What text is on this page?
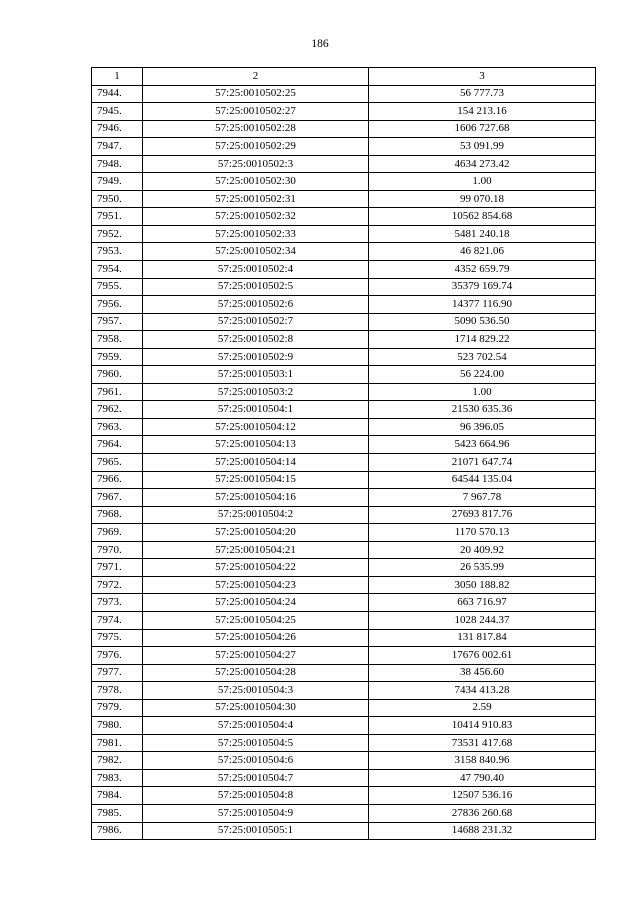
186
1	2	3
7944.	57:25:0010502:25	56 777.73
7945.	57:25:0010502:27	154 213.16
7946.	57:25:0010502:28	1606 727.68
7947.	57:25:0010502:29	53 091.99
7948.	57:25:0010502:3	4634 273.42
7949.	57:25:0010502:30	1.00
7950.	57:25:0010502:31	99 070.18
7951.	57:25:0010502:32	10562 854.68
7952.	57:25:0010502:33	5481 240.18
7953.	57:25:0010502:34	46 821.06
7954.	57:25:0010502:4	4352 659.79
7955.	57:25:0010502:5	35379 169.74
7956.	57:25:0010502:6	14377 116.90
7957.	57:25:0010502:7	5090 536.50
7958.	57:25:0010502:8	1714 829.22
7959.	57:25:0010502:9	523 702.54
7960.	57:25:0010503:1	56 224.00
7961.	57:25:0010503:2	1.00
7962.	57:25:0010504:1	21530 635.36
7963.	57:25:0010504:12	96 396.05
7964.	57:25:0010504:13	5423 664.96
7965.	57:25:0010504:14	21071 647.74
7966.	57:25:0010504:15	64544 135.04
7967.	57:25:0010504:16	7 967.78
7968.	57:25:0010504:2	27693 817.76
7969.	57:25:0010504:20	1170 570.13
7970.	57:25:0010504:21	20 409.92
7971.	57:25:0010504:22	26 535.99
7972.	57:25:0010504:23	3050 188.82
7973.	57:25:0010504:24	663 716.97
7974.	57:25:0010504:25	1028 244.37
7975.	57:25:0010504:26	131 817.84
7976.	57:25:0010504:27	17676 002.61
7977.	57:25:0010504:28	38 456.60
7978.	57:25:0010504:3	7434 413.28
7979.	57:25:0010504:30	2.59
7980.	57:25:0010504:4	10414 910.83
7981.	57:25:0010504:5	73531 417.68
7982.	57:25:0010504:6	3158 840.96
7983.	57:25:0010504:7	47 790.40
7984.	57:25:0010504:8	12507 536.16
7985.	57:25:0010504:9	27836 260.68
7986.	57:25:0010505:1	14688 231.32
